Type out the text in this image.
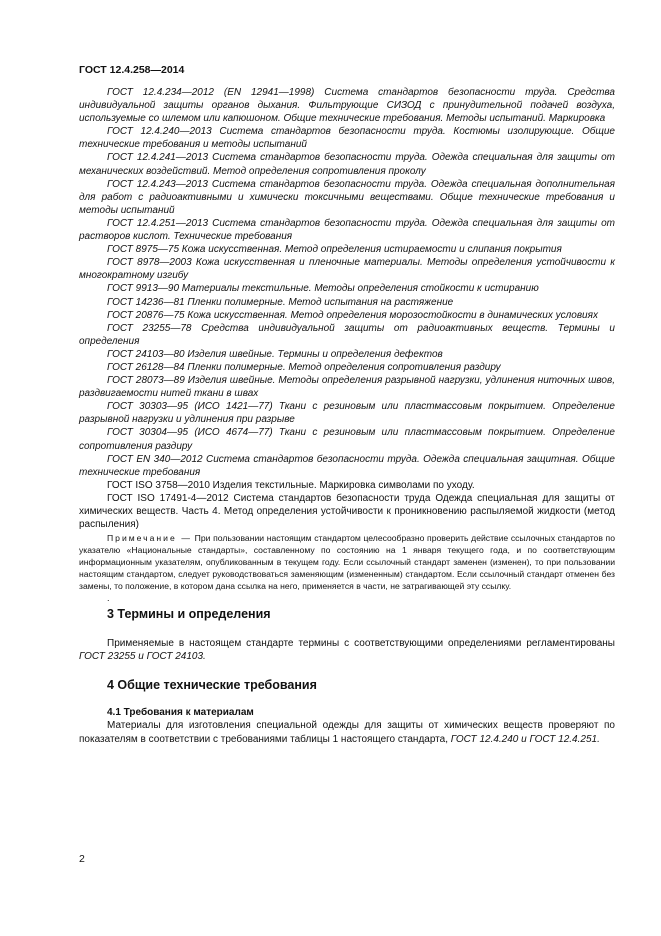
ГОСТ 12.4.258—2014

ГОСТ 12.4.234—2012 (EN 12941—1998) Система стандартов безопасности труда. Средства индивидуальной защиты органов дыхания. Фильтрующие СИЗОД с принудительной подачей воздуха, используемые со шлемом или капюшоном. Общие технические требования. Методы испытаний. Маркировка

ГОСТ 12.4.240—2013 Система стандартов безопасности труда. Костюмы изолирующие. Общие технические требования и методы испытаний

ГОСТ 12.4.241—2013 Система стандартов безопасности труда. Одежда специальная для защиты от механических воздействий. Метод определения сопротивления проколу

ГОСТ 12.4.243—2013 Система стандартов безопасности труда. Одежда специальная дополнительная для работ с радиоактивными и химически токсичными веществами. Общие технические требования и методы испытаний

ГОСТ 12.4.251—2013 Система стандартов безопасности труда. Одежда специальная для защиты от растворов кислот. Технические требования

ГОСТ 8975—75 Кожа искусственная. Метод определения истираемости и слипания покрытия

ГОСТ 8978—2003 Кожа искусственная и пленочные материалы. Методы определения устойчивости к многократному изгибу

ГОСТ 9913—90 Материалы текстильные. Методы определения стойкости к истиранию

ГОСТ 14236—81 Пленки полимерные. Метод испытания на растяжение

ГОСТ 20876—75 Кожа искусственная. Метод определения морозостойкости в динамических условиях

ГОСТ 23255—78 Средства индивидуальной защиты от радиоактивных веществ. Термины и определения

ГОСТ 24103—80 Изделия швейные. Термины и определения дефектов

ГОСТ 26128—84 Пленки полимерные. Метод определения сопротивления раздиру

ГОСТ 28073—89 Изделия швейные. Методы определения разрывной нагрузки, удлинения ниточных швов, раздвигаемости нитей ткани в швах

ГОСТ 30303—95 (ИСО 1421—77) Ткани с резиновым или пластмассовым покрытием. Определение разрывной нагрузки и удлинения при разрыве

ГОСТ 30304—95 (ИСО 4674—77) Ткани с резиновым или пластмассовым покрытием. Определение сопротивления раздиру

ГОСТ EN 340—2012 Система стандартов безопасности труда. Одежда специальная защитная. Общие технические требования

ГОСТ ISO 3758—2010 Изделия текстильные. Маркировка символами по уходу.

ГОСТ ISO 17491-4—2012 Система стандартов безопасности труда Одежда специальная для защиты от химических веществ. Часть 4. Метод определения устойчивости к проникновению распыляемой жидкости (метод распыления)

Примечание — При пользовании настоящим стандартом целесообразно проверить действие ссылочных стандартов по указателю «Национальные стандарты», составленному по состоянию на 1 января текущего года, и по соответствующим информационным указателям, опубликованным в текущем году. Если ссылочный стандарт заменен (изменен), то при пользовании настоящим стандартом, следует руководствоваться заменяющим (измененным) стандартом. Если ссылочный стандарт отменен без замены, то положение, в котором дана ссылка на него, применяется в части, не затрагивающей эту ссылку.

.
3 Термины и определения

Применяемые в настоящем стандарте термины с соответствующими определениями регламентированы ГОСТ 23255 и ГОСТ 24103.

4 Общие технические требования
4.1 Требования к материалам

Материалы для изготовления специальной одежды для защиты от химических веществ проверяют по показателям в соответствии с требованиями таблицы 1 настоящего стандарта, ГОСТ 12.4.240 и ГОСТ 12.4.251.

2
